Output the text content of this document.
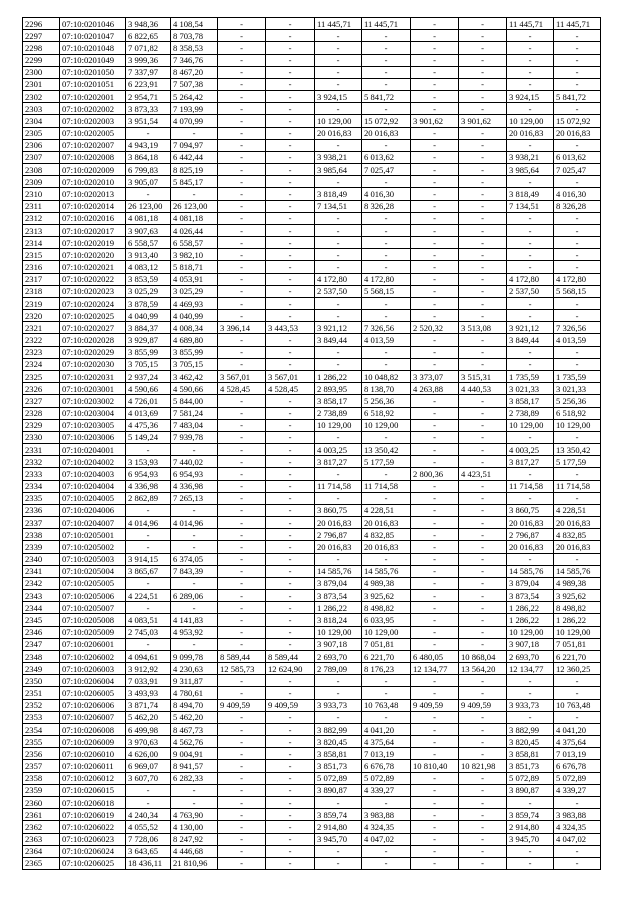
2296	07:10:0201046	3 948,36	4 108,54	-	-	11 445,71	11 445,71	-	-	11 445,71	11 445,71
2297	07:10:0201047	6 822,65	8 703,78	-	-	-	-	-	-	-	-
2298	07:10:0201048	7 071,82	8 358,53	-	-	-	-	-	-	-	-
2299	07:10:0201049	3 999,36	7 346,76	-	-	-	-	-	-	-	-
2300	07:10:0201050	7 337,97	8 467,20	-	-	-	-	-	-	-	-
2301	07:10:0201051	6 223,91	7 507,38	-	-	-	-	-	-	-	-
2302	07:10:0202001	2 954,71	5 264,42	-	-	3 924,15	5 841,72	-	-	3 924,15	5 841,72
2303	07:10:0202002	3 873,33	7 193,99	-	-	-	-	-	-	-	-
2304	07:10:0202003	3 951,54	4 070,99	-	-	10 129,00	15 072,92	3 901,62	3 901,62	10 129,00	15 072,92
2305	07:10:0202005	-	-	-	-	20 016,83	20 016,83	-	-	20 016,83	20 016,83
2306	07:10:0202007	4 943,19	7 094,97	-	-	-	-	-	-	-	-
2307	07:10:0202008	3 864,18	6 442,44	-	-	3 938,21	6 013,62	-	-	3 938,21	6 013,62
2308	07:10:0202009	6 799,83	8 825,19	-	-	3 985,64	7 025,47	-	-	3 985,64	7 025,47
2309	07:10:0202010	3 905,07	5 845,17	-	-	-	-	-	-	-	-
2310	07:10:0202013	-	-	-	-	3 818,49	4 016,30	-	-	3 818,49	4 016,30
2311	07:10:0202014	26 123,00	26 123,00	-	-	7 134,51	8 326,28	-	-	7 134,51	8 326,28
2312	07:10:0202016	4 081,18	4 081,18	-	-	-	-	-	-	-	-
2313	07:10:0202017	3 907,63	4 026,44	-	-	-	-	-	-	-	-
2314	07:10:0202019	6 558,57	6 558,57	-	-	-	-	-	-	-	-
2315	07:10:0202020	3 913,40	3 982,10	-	-	-	-	-	-	-	-
2316	07:10:0202021	4 083,12	5 818,71	-	-	-	-	-	-	-	-
2317	07:10:0202022	3 853,59	4 053,91	-	-	4 172,80	4 172,80	-	-	4 172,80	4 172,80
2318	07:10:0202023	3 025,29	3 025,29	-	-	2 537,50	5 568,15	-	-	2 537,50	5 568,15
2319	07:10:0202024	3 878,59	4 469,93	-	-	-	-	-	-	-	-
2320	07:10:0202025	4 040,99	4 040,99	-	-	-	-	-	-	-	-
2321	07:10:0202027	3 884,37	4 008,34	3 396,14	3 443,53	3 921,12	7 326,56	2 520,32	3 513,08	3 921,12	7 326,56
2322	07:10:0202028	3 929,87	4 689,80	-	-	3 849,44	4 013,59	-	-	3 849,44	4 013,59
2323	07:10:0202029	3 855,99	3 855,99	-	-	-	-	-	-	-	-
2324	07:10:0202030	3 705,15	3 705,15	-	-	-	-	-	-	-	-
2325	07:10:0202031	2 937,24	3 462,42	3 567,01	3 567,01	1 286,22	10 048,82	3 373,07	3 515,31	1 735,59	1 735,59
2326	07:10:0203001	4 590,66	4 590,66	4 528,45	4 528,45	2 893,95	8 138,70	4 263,88	4 440,53	3 021,33	3 021,33
2327	07:10:0203002	4 726,01	5 844,00	-	-	3 858,17	5 256,36	-	-	3 858,17	5 256,36
2328	07:10:0203004	4 013,69	7 581,24	-	-	2 738,89	6 518,92	-	-	2 738,89	6 518,92
2329	07:10:0203005	4 475,36	7 483,04	-	-	10 129,00	10 129,00	-	-	10 129,00	10 129,00
2330	07:10:0203006	5 149,24	7 939,78	-	-	-	-	-	-	-	-
2331	07:10:0204001	-	-	-	-	4 003,25	13 350,42	-	-	4 003,25	13 350,42
2332	07:10:0204002	3 153,93	7 440,02	-	-	3 817,27	5 177,59	-	-	3 817,27	5 177,59
2333	07:10:0204003	6 954,93	6 954,93	-	-	-	-	2 800,36	4 423,51	-	-
2334	07:10:0204004	4 336,98	4 336,98	-	-	11 714,58	11 714,58	-	-	11 714,58	11 714,58
2335	07:10:0204005	2 862,89	7 265,13	-	-	-	-	-	-	-	-
2336	07:10:0204006	-	-	-	-	3 860,75	4 228,51	-	-	3 860,75	4 228,51
2337	07:10:0204007	4 014,96	4 014,96	-	-	20 016,83	20 016,83	-	-	20 016,83	20 016,83
2338	07:10:0205001	-	-	-	-	2 796,87	4 832,85	-	-	2 796,87	4 832,85
2339	07:10:0205002	-	-	-	-	20 016,83	20 016,83	-	-	20 016,83	20 016,83
2340	07:10:0205003	3 914,15	6 374,05	-	-	-	-	-	-	-	-
2341	07:10:0205004	3 865,67	7 843,39	-	-	14 585,76	14 585,76	-	-	14 585,76	14 585,76
2342	07:10:0205005	-	-	-	-	3 879,04	4 989,38	-	-	3 879,04	4 989,38
2343	07:10:0205006	4 224,51	6 289,06	-	-	3 873,54	3 925,62	-	-	3 873,54	3 925,62
2344	07:10:0205007	-	-	-	-	1 286,22	8 498,82	-	-	1 286,22	8 498,82
2345	07:10:0205008	4 083,51	4 141,83	-	-	3 818,24	6 033,95	-	-	1 286,22	1 286,22
2346	07:10:0205009	2 745,03	4 953,92	-	-	10 129,00	10 129,00	-	-	10 129,00	10 129,00
2347	07:10:0206001	-	-	-	-	3 907,18	7 051,81	-	-	3 907,18	7 051,81
2348	07:10:0206002	4 094,61	9 099,78	8 589,44	8 589,44	2 693,70	6 221,70	6 480,05	10 868,04	2 693,70	6 221,70
2349	07:10:0206003	3 912,92	4 230,63	12 585,73	12 624,90	2 789,09	8 176,23	12 134,77	13 564,20	12 134,77	12 360,25
2350	07:10:0206004	7 033,91	9 311,87	-	-	-	-	-	-	-	-
2351	07:10:0206005	3 493,93	4 780,61	-	-	-	-	-	-	-	-
2352	07:10:0206006	3 871,74	8 494,70	9 409,59	9 409,59	3 933,73	10 763,48	9 409,59	9 409,59	3 933,73	10 763,48
2353	07:10:0206007	5 462,20	5 462,20	-	-	-	-	-	-	-	-
2354	07:10:0206008	6 499,98	8 467,73	-	-	3 882,99	4 041,20	-	-	3 882,99	4 041,20
2355	07:10:0206009	3 970,63	4 562,76	-	-	3 820,45	4 375,64	-	-	3 820,45	4 375,64
2356	07:10:0206010	4 626,00	9 004,91	-	-	3 858,81	7 013,19	-	-	3 858,81	7 013,19
2357	07:10:0206011	6 969,07	8 941,57	-	-	3 851,73	6 676,78	10 810,40	10 821,98	3 851,73	6 676,78
2358	07:10:0206012	3 607,70	6 282,33	-	-	5 072,89	5 072,89	-	-	5 072,89	5 072,89
2359	07:10:0206015	-	-	-	-	3 890,87	4 339,27	-	-	3 890,87	4 339,27
2360	07:10:0206018	-	-	-	-	-	-	-	-	-	-
2361	07:10:0206019	4 240,34	4 763,90	-	-	3 859,74	3 983,88	-	-	3 859,74	3 983,88
2362	07:10:0206022	4 055,52	4 130,00	-	-	2 914,80	4 324,35	-	-	2 914,80	4 324,35
2363	07:10:0206023	7 728,06	8 247,92	-	-	3 945,70	4 047,02	-	-	3 945,70	4 047,02
2364	07:10:0206024	3 643,65	4 446,68	-	-	-	-	-	-	-	-
2365	07:10:0206025	18 436,11	21 810,96	-	-	-	-	-	-	-	-
